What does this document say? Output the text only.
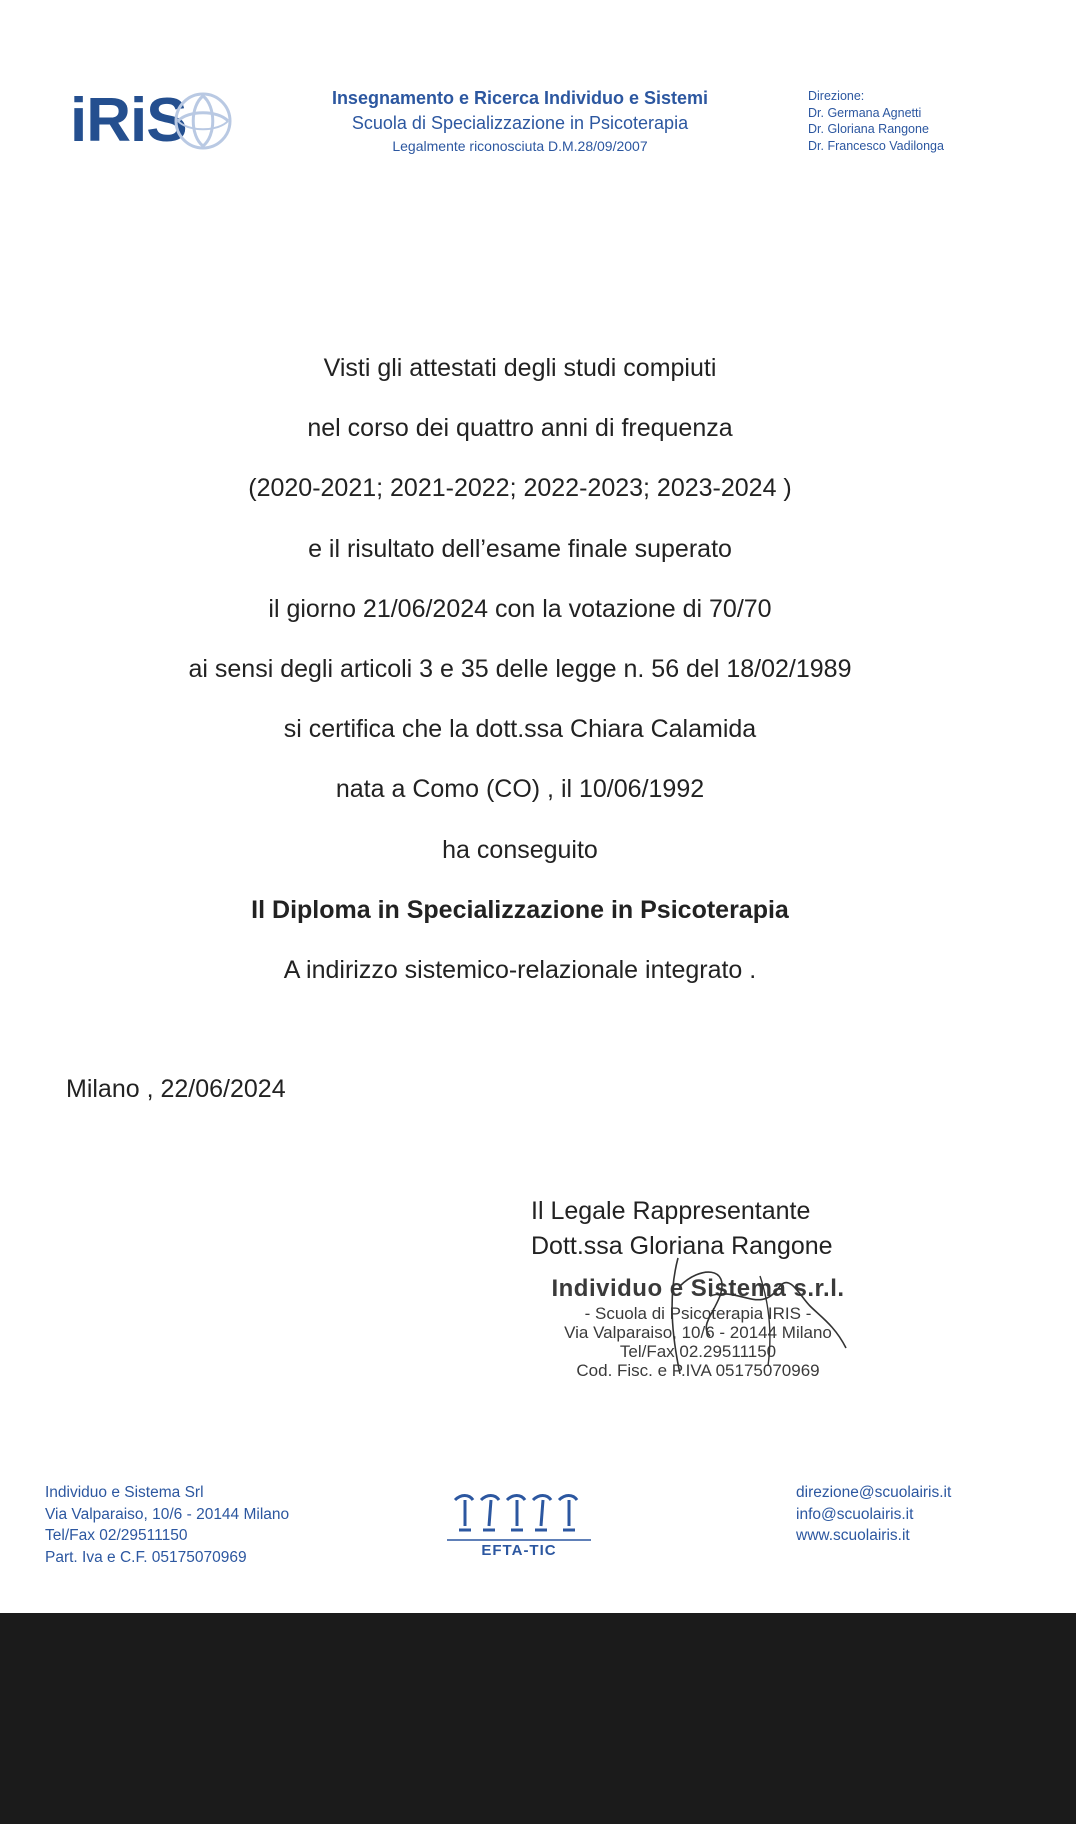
iRiS	Insegnamento e Ricerca Individuo e Sistemi
Scuola di Specializzazione in Psicoterapia
Legalmente riconosciuta D.M.28/09/2007
Direzione:
Dr. Germana Agnetti
Dr. Gloriana Rangone
Dr. Francesco Vadilonga
Visti gli attestati degli studi compiuti
nel corso dei quattro anni di frequenza
(2020-2021; 2021-2022; 2022-2023; 2023-2024 )
e il risultato dell’esame finale superato
il giorno 21/06/2024 con la votazione di 70/70
ai sensi degli articoli 3 e 35 delle legge n. 56 del 18/02/1989
si certifica che la dott.ssa Chiara Calamida
nata a Como (CO) , il 10/06/1992
ha conseguito
Il Diploma in Specializzazione in Psicoterapia
A indirizzo sistemico-relazionale integrato .
Milano , 22/06/2024
Il Legale Rappresentante
Dott.ssa Gloriana Rangone
Individuo e Sistema s.r.l.
- Scuola di Psicoterapia IRIS -
Via Valparaiso, 10/6 - 20144 Milano
Tel/Fax 02.29511150
Cod. Fisc. e P.IVA 05175070969
Individuo e Sistema Srl
Via Valparaiso, 10/6 - 20144 Milano
Tel/Fax 02/29511150
Part. Iva e C.F. 05175070969	EFTA-TIC
direzione@scuolairis.it
info@scuolairis.it
www.scuolairis.it
